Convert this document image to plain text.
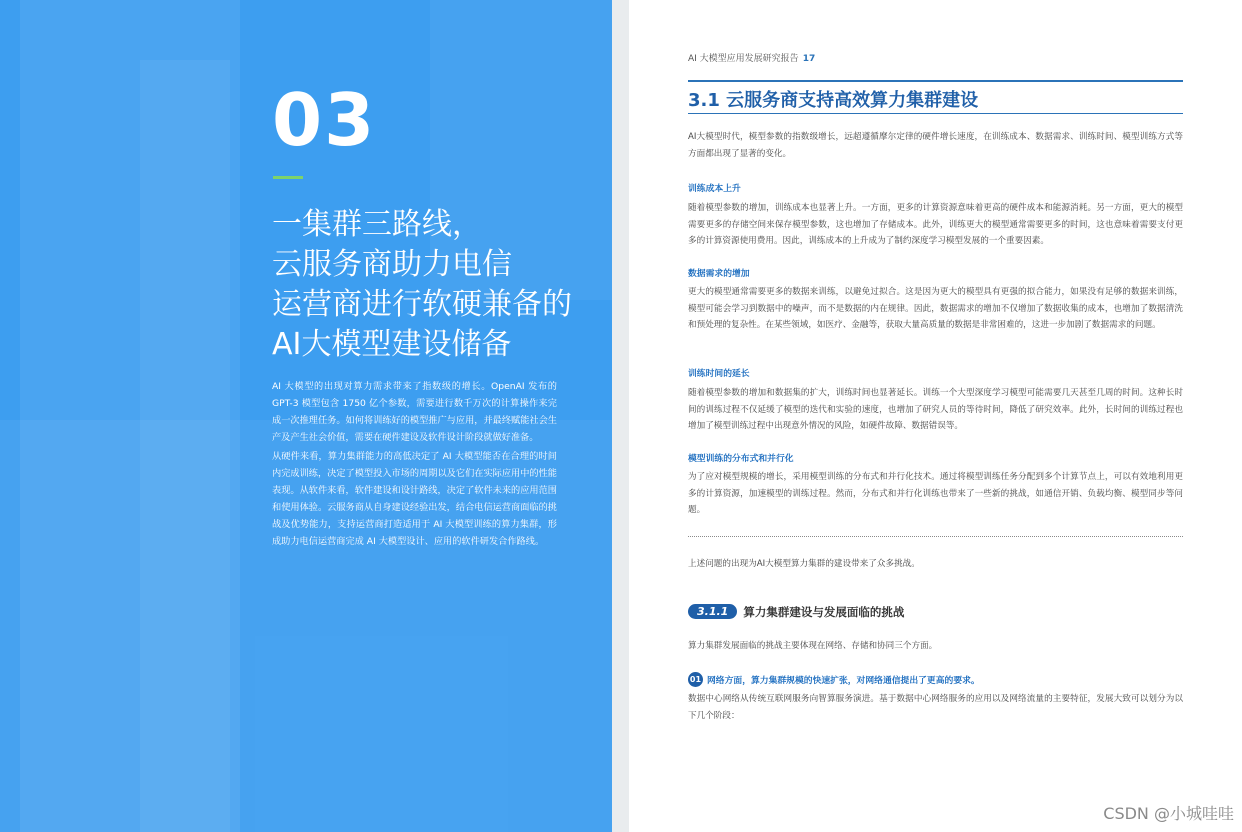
03
一集群三路线，
云服务商助力电信
运营商进行软硬兼备的
AI大模型建设储备
AI 大模型的出现对算力需求带来了指数级的增长。OpenAI 发布的 GPT-3 模型包含 1750 亿个参数，需要进行数千万次的计算操作来完成一次推理任务。如何将训练好的模型推广与应用，并最终赋能社会生产及产生社会价值，需要在硬件建设及软件设计阶段就做好准备。
从硬件来看，算力集群能力的高低决定了 AI 大模型能否在合理的时间内完成训练，决定了模型投入市场的周期以及它们在实际应用中的性能表现。从软件来看，软件建设和设计路线，决定了软件未来的应用范围和使用体验。云服务商从自身建设经验出发，结合电信运营商面临的挑战及优势能力，支持运营商打造适用于 AI 大模型训练的算力集群，形成助力电信运营商完成 AI 大模型设计、应用的软件研发合作路线。
AI 大模型应用发展研究报告 17
3.1 云服务商支持高效算力集群建设
AI大模型时代，模型参数的指数级增长，远超遵循摩尔定律的硬件增长速度，在训练成本、数据需求、训练时间、模型训练方式等方面都出现了显著的变化。
训练成本上升
随着模型参数的增加，训练成本也显著上升。一方面，更多的计算资源意味着更高的硬件成本和能源消耗。另一方面，更大的模型需要更多的存储空间来保存模型参数，这也增加了存储成本。此外，训练更大的模型通常需要更多的时间，这也意味着需要支付更多的计算资源使用费用。因此，训练成本的上升成为了制约深度学习模型发展的一个重要因素。
数据需求的增加
更大的模型通常需要更多的数据来训练，以避免过拟合。这是因为更大的模型具有更强的拟合能力，如果没有足够的数据来训练，模型可能会学习到数据中的噪声，而不是数据的内在规律。因此，数据需求的增加不仅增加了数据收集的成本，也增加了数据清洗和预处理的复杂性。在某些领域，如医疗、金融等，获取大量高质量的数据是非常困难的，这进一步加剧了数据需求的问题。
训练时间的延长
随着模型参数的增加和数据集的扩大，训练时间也显著延长。训练一个大型深度学习模型可能需要几天甚至几周的时间。这种长时间的训练过程不仅延缓了模型的迭代和实验的速度，也增加了研究人员的等待时间，降低了研究效率。此外，长时间的训练过程也增加了模型训练过程中出现意外情况的风险，如硬件故障、数据错误等。
模型训练的分布式和并行化
为了应对模型规模的增长，采用模型训练的分布式和并行化技术。通过将模型训练任务分配到多个计算节点上，可以有效地利用更多的计算资源，加速模型的训练过程。然而，分布式和并行化训练也带来了一些新的挑战，如通信开销、负载均衡、模型同步等问题。
上述问题的出现为AI大模型算力集群的建设带来了众多挑战。
3.1.1 算力集群建设与发展面临的挑战
算力集群发展面临的挑战主要体现在网络、存储和协同三个方面。
01 网络方面，算力集群规模的快速扩张，对网络通信提出了更高的要求。
数据中心网络从传统互联网服务向智算服务演进。基于数据中心网络服务的应用以及网络流量的主要特征，发展大致可以划分为以下几个阶段：
CSDN @小城哇哇
